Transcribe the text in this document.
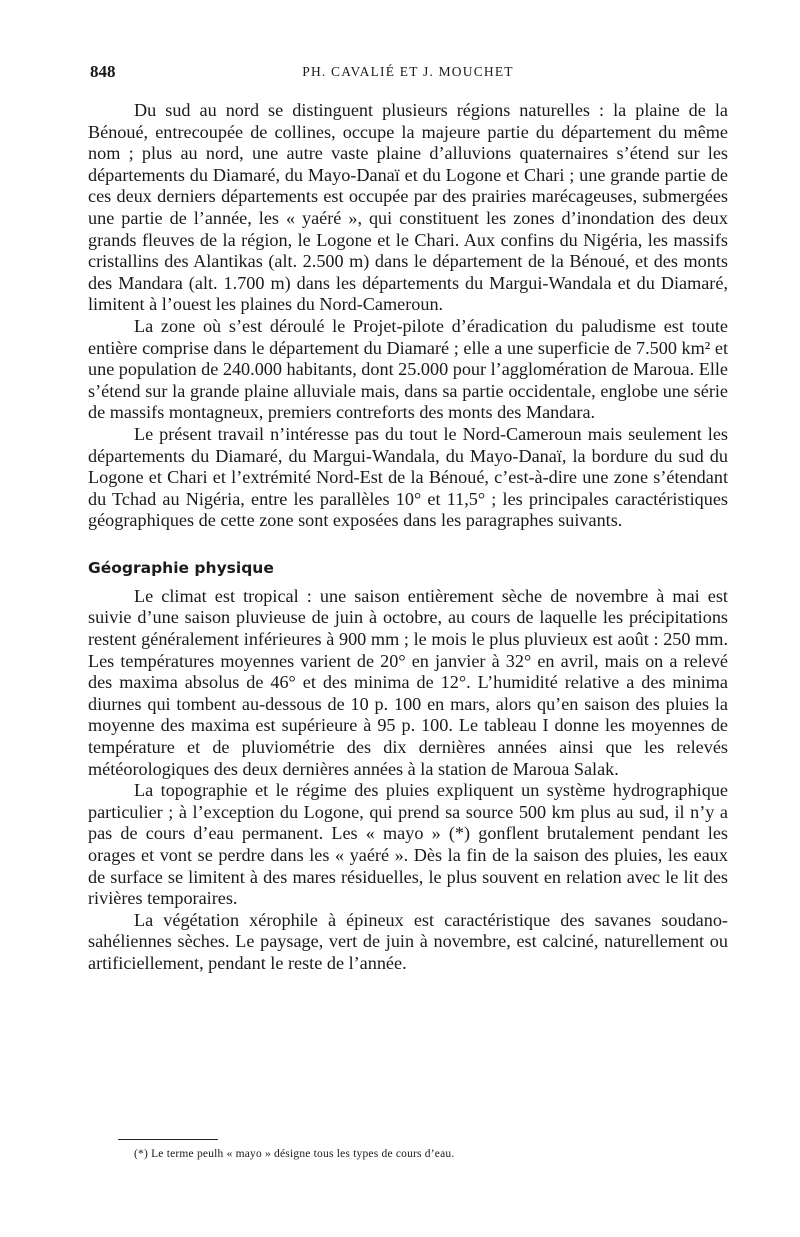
848	PH. CAVALIÉ ET J. MOUCHET

Du sud au nord se distinguent plusieurs régions naturelles : la plaine de la Bénoué, entrecoupée de collines, occupe la majeure partie du département du même nom ; plus au nord, une autre vaste plaine d’alluvions quaternaires s’étend sur les départements du Diamaré, du Mayo-Danaï et du Logone et Chari ; une grande partie de ces deux derniers départements est occupée par des prairies marécageuses, submergées une partie de l’année, les « yaéré », qui constituent les zones d’inondation des deux grands fleuves de la région, le Logone et le Chari. Aux confins du Nigéria, les massifs cristallins des Alantikas (alt. 2.500 m) dans le département de la Bénoué, et des monts des Mandara (alt. 1.700 m) dans les départements du Margui-Wandala et du Diamaré, limitent à l’ouest les plaines du Nord-Cameroun.

La zone où s’est déroulé le Projet-pilote d’éradication du paludisme est toute entière comprise dans le département du Diamaré ; elle a une superficie de 7.500 km² et une population de 240.000 habitants, dont 25.000 pour l’agglomération de Maroua. Elle s’étend sur la grande plaine alluviale mais, dans sa partie occidentale, englobe une série de massifs montagneux, premiers contreforts des monts des Mandara.

Le présent travail n’intéresse pas du tout le Nord-Cameroun mais seulement les départements du Diamaré, du Margui-Wandala, du Mayo-Danaï, la bordure du sud du Logone et Chari et l’extrémité Nord-Est de la Bénoué, c’est-à-dire une zone s’étendant du Tchad au Nigéria, entre les parallèles 10° et 11,5° ; les principales caractéristiques géographiques de cette zone sont exposées dans les paragraphes suivants.

Géographie physique

Le climat est tropical : une saison entièrement sèche de novembre à mai est suivie d’une saison pluvieuse de juin à octobre, au cours de laquelle les précipitations restent généralement inférieures à 900 mm ; le mois le plus pluvieux est août : 250 mm. Les températures moyennes varient de 20° en janvier à 32° en avril, mais on a relevé des maxima absolus de 46° et des minima de 12°. L’humidité relative a des minima diurnes qui tombent au-dessous de 10 p. 100 en mars, alors qu’en saison des pluies la moyenne des maxima est supérieure à 95 p. 100. Le tableau I donne les moyennes de température et de pluviométrie des dix dernières années ainsi que les relevés météorologiques des deux dernières années à la station de Maroua Salak.

La topographie et le régime des pluies expliquent un système hydrographique particulier ; à l’exception du Logone, qui prend sa source 500 km plus au sud, il n’y a pas de cours d’eau permanent. Les « mayo » (*) gonflent brutalement pendant les orages et vont se perdre dans les « yaéré ». Dès la fin de la saison des pluies, les eaux de surface se limitent à des mares résiduelles, le plus souvent en relation avec le lit des rivières temporaires.

La végétation xérophile à épineux est caractéristique des savanes soudano-sahéliennes sèches. Le paysage, vert de juin à novembre, est calciné, naturellement ou artificiellement, pendant le reste de l’année.

(*) Le terme peulh « mayo » désigne tous les types de cours d’eau.
